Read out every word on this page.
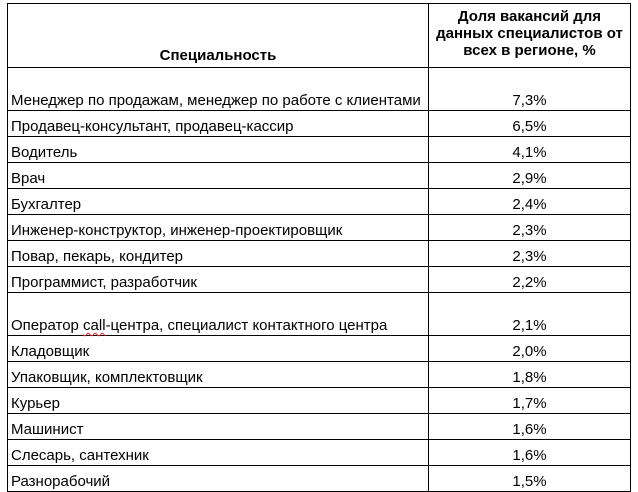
Специальность	Доля вакансий для данных специалистов от всех в регионе, %
Менеджер по продажам, менеджер по работе с клиентами	7,3%
Продавец-консультант, продавец-кассир	6,5%
Водитель	4,1%
Врач	2,9%
Бухгалтер	2,4%
Инженер-конструктор, инженер-проектировщик	2,3%
Повар, пекарь, кондитер	2,3%
Программист, разработчик	2,2%
Оператор call-центра, специалист контактного центра	2,1%
Кладовщик	2,0%
Упаковщик, комплектовщик	1,8%
Курьер	1,7%
Машинист	1,6%
Слесарь, сантехник	1,6%
Разнорабочий	1,5%
